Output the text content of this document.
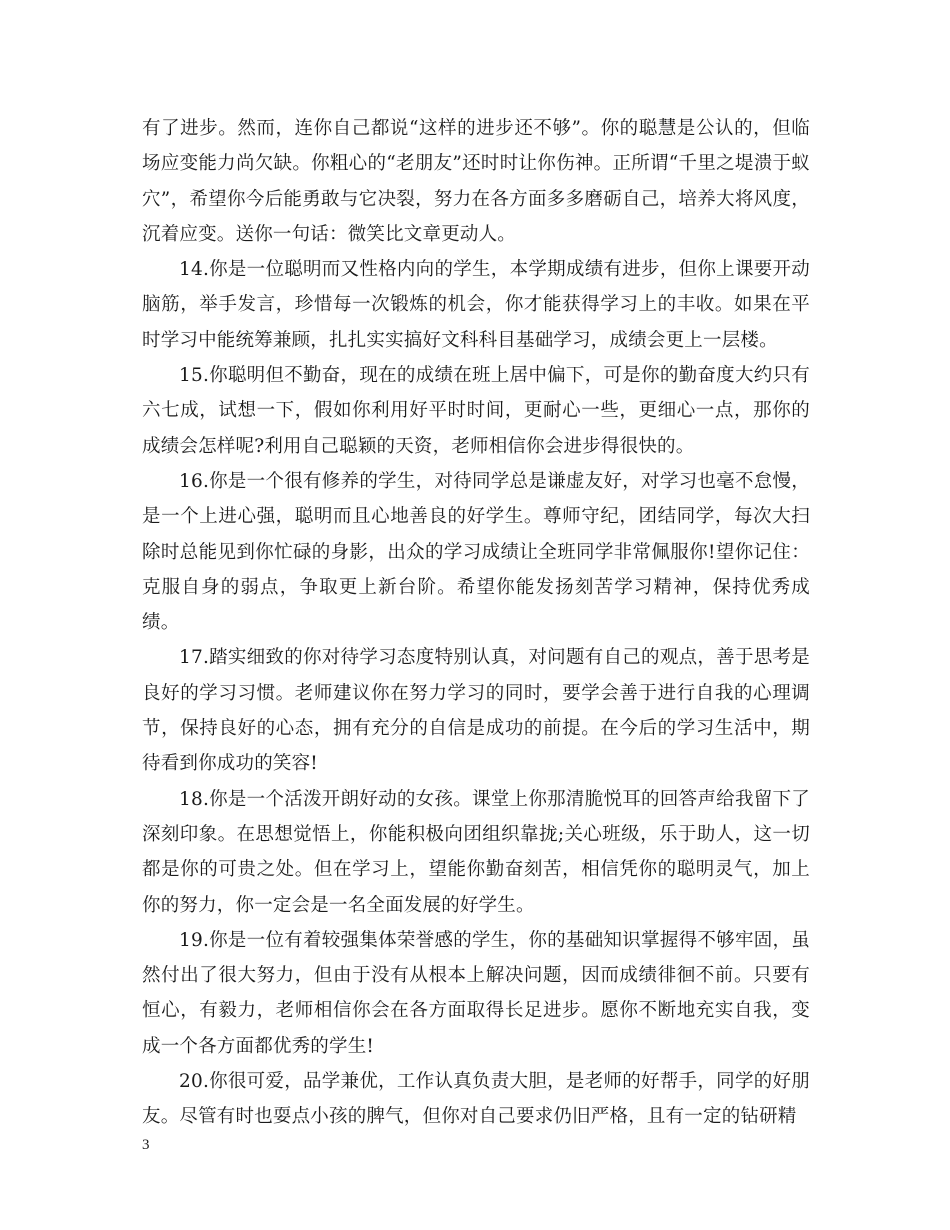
有了进步。然而，连你自己都说“这样的进步还不够”。你的聪慧是公认的，但临场应变能力尚欠缺。你粗心的“老朋友”还时时让你伤神。正所谓“千里之堤溃于蚁穴”，希望你今后能勇敢与它决裂，努力在各方面多多磨砺自己，培养大将风度，沉着应变。送你一句话：微笑比文章更动人。

14.你是一位聪明而又性格内向的学生，本学期成绩有进步，但你上课要开动脑筋，举手发言，珍惜每一次锻炼的机会，你才能获得学习上的丰收。如果在平时学习中能统筹兼顾，扎扎实实搞好文科科目基础学习，成绩会更上一层楼。

15.你聪明但不勤奋，现在的成绩在班上居中偏下，可是你的勤奋度大约只有六七成，试想一下，假如你利用好平时时间，更耐心一些，更细心一点，那你的成绩会怎样呢?利用自己聪颖的天资，老师相信你会进步得很快的。

16.你是一个很有修养的学生，对待同学总是谦虚友好，对学习也毫不怠慢，是一个上进心强，聪明而且心地善良的好学生。尊师守纪，团结同学，每次大扫除时总能见到你忙碌的身影，出众的学习成绩让全班同学非常佩服你!望你记住：克服自身的弱点，争取更上新台阶。希望你能发扬刻苦学习精神，保持优秀成绩。

17.踏实细致的你对待学习态度特别认真，对问题有自己的观点，善于思考是良好的学习习惯。老师建议你在努力学习的同时，要学会善于进行自我的心理调节，保持良好的心态，拥有充分的自信是成功的前提。在今后的学习生活中，期待看到你成功的笑容!

18.你是一个活泼开朗好动的女孩。课堂上你那清脆悦耳的回答声给我留下了深刻印象。在思想觉悟上，你能积极向团组织靠拢;关心班级，乐于助人，这一切都是你的可贵之处。但在学习上，望能你勤奋刻苦，相信凭你的聪明灵气，加上你的努力，你一定会是一名全面发展的好学生。

19.你是一位有着较强集体荣誉感的学生，你的基础知识掌握得不够牢固，虽然付出了很大努力，但由于没有从根本上解决问题，因而成绩徘徊不前。只要有恒心，有毅力，老师相信你会在各方面取得长足进步。愿你不断地充实自我，变成一个各方面都优秀的学生!

20.你很可爱，品学兼优，工作认真负责大胆，是老师的好帮手，同学的好朋友。尽管有时也耍点小孩的脾气，但你对自己要求仍旧严格，且有一定的钻研精

3
